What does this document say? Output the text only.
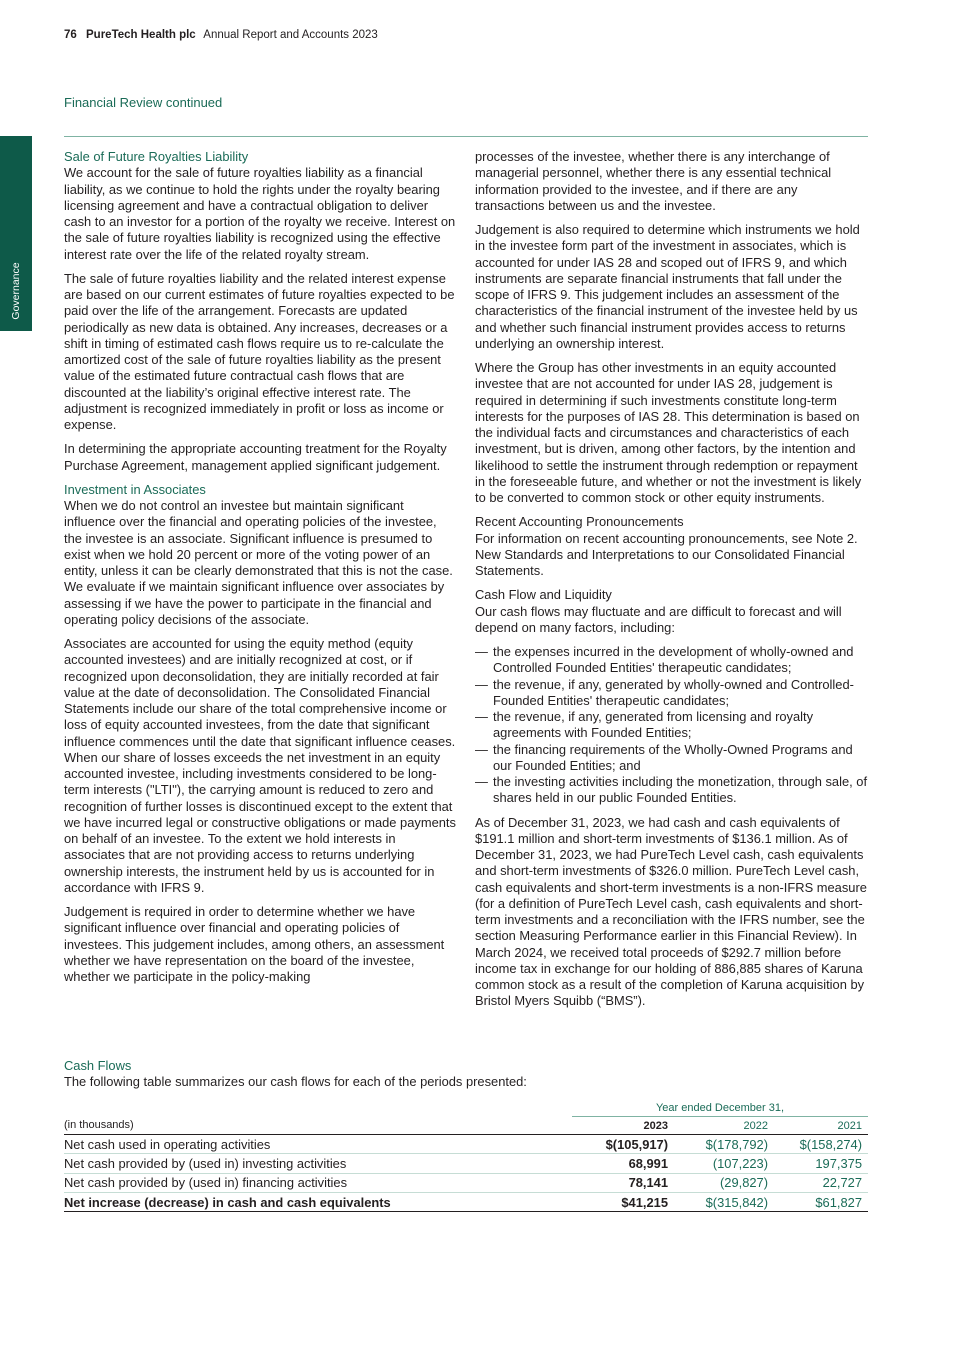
76 PureTech Health plc Annual Report and Accounts 2023
Financial Review continued
Governance
Sale of Future Royalties Liability

We account for the sale of future royalties liability as a financial liability, as we continue to hold the rights under the royalty bearing licensing agreement and have a contractual obligation to deliver cash to an investor for a portion of the royalty we receive. Interest on the sale of future royalties liability is recognized using the effective interest rate over the life of the related royalty stream.

The sale of future royalties liability and the related interest expense are based on our current estimates of future royalties expected to be paid over the life of the arrangement. Forecasts are updated periodically as new data is obtained. Any increases, decreases or a shift in timing of estimated cash flows require us to re-calculate the amortized cost of the sale of future royalties liability as the present value of the estimated future contractual cash flows that are discounted at the liability’s original effective interest rate. The adjustment is recognized immediately in profit or loss as income or expense.

In determining the appropriate accounting treatment for the Royalty Purchase Agreement, management applied significant judgement.

Investment in Associates

When we do not control an investee but maintain significant influence over the financial and operating policies of the investee, the investee is an associate. Significant influence is presumed to exist when we hold 20 percent or more of the voting power of an entity, unless it can be clearly demonstrated that this is not the case. We evaluate if we maintain significant influence over associates by assessing if we have the power to participate in the financial and operating policy decisions of the associate.

Associates are accounted for using the equity method (equity accounted investees) and are initially recognized at cost, or if recognized upon deconsolidation, they are initially recorded at fair value at the date of deconsolidation. The Consolidated Financial Statements include our share of the total comprehensive income or loss of equity accounted investees, from the date that significant influence commences until the date that significant influence ceases. When our share of losses exceeds the net investment in an equity accounted investee, including investments considered to be long-term interests ("LTI"), the carrying amount is reduced to zero and recognition of further losses is discontinued except to the extent that we have incurred legal or constructive obligations or made payments on behalf of an investee. To the extent we hold interests in associates that are not providing access to returns underlying ownership interests, the instrument held by us is accounted for in accordance with IFRS 9.

Judgement is required in order to determine whether we have significant influence over financial and operating policies of investees. This judgement includes, among others, an assessment whether we have representation on the board of the investee, whether we participate in the policy-making

processes of the investee, whether there is any interchange of managerial personnel, whether there is any essential technical information provided to the investee, and if there are any transactions between us and the investee.

Judgement is also required to determine which instruments we hold in the investee form part of the investment in associates, which is accounted for under IAS 28 and scoped out of IFRS 9, and which instruments are separate financial instruments that fall under the scope of IFRS 9. This judgement includes an assessment of the characteristics of the financial instrument of the investee held by us and whether such financial instrument provides access to returns underlying an ownership interest.

Where the Group has other investments in an equity accounted investee that are not accounted for under IAS 28, judgement is required in determining if such investments constitute long-term interests for the purposes of IAS 28. This determination is based on the individual facts and circumstances and characteristics of each investment, but is driven, among other factors, by the intention and likelihood to settle the instrument through redemption or repayment in the foreseeable future, and whether or not the investment is likely to be converted to common stock or other equity instruments.

Recent Accounting Pronouncements

For information on recent accounting pronouncements, see Note 2. New Standards and Interpretations to our Consolidated Financial Statements.

Cash Flow and Liquidity

Our cash flows may fluctuate and are difficult to forecast and will depend on many factors, including:

— the expenses incurred in the development of wholly-owned and Controlled Founded Entities' therapeutic candidates;
— the revenue, if any, generated by wholly-owned and Controlled-Founded Entities' therapeutic candidates;
— the revenue, if any, generated from licensing and royalty agreements with Founded Entities;
— the financing requirements of the Wholly-Owned Programs and our Founded Entities; and
— the investing activities including the monetization, through sale, of shares held in our public Founded Entities.

As of December 31, 2023, we had cash and cash equivalents of $191.1 million and short-term investments of $136.1 million. As of December 31, 2023, we had PureTech Level cash, cash equivalents and short-term investments of $326.0 million. PureTech Level cash, cash equivalents and short-term investments is a non-IFRS measure (for a definition of PureTech Level cash, cash equivalents and short-term investments and a reconciliation with the IFRS number, see the section Measuring Performance earlier in this Financial Review). In March 2024, we received total proceeds of $292.7 million before income tax in exchange for our holding of 886,885 shares of Karuna common stock as a result of the completion of Karuna acquisition by Bristol Myers Squibb (“BMS”).

Cash Flows

The following table summarizes our cash flows for each of the periods presented:

	Year ended December 31,		
(in thousands)	2023	2022	2021
Net cash used in operating activities	$(105,917)	$(178,792)	$(158,274)
Net cash provided by (used in) investing activities	68,991	(107,223)	197,375
Net cash provided by (used in) financing activities	78,141	(29,827)	22,727
Net increase (decrease) in cash and cash equivalents	$41,215	$(315,842)	$61,827
